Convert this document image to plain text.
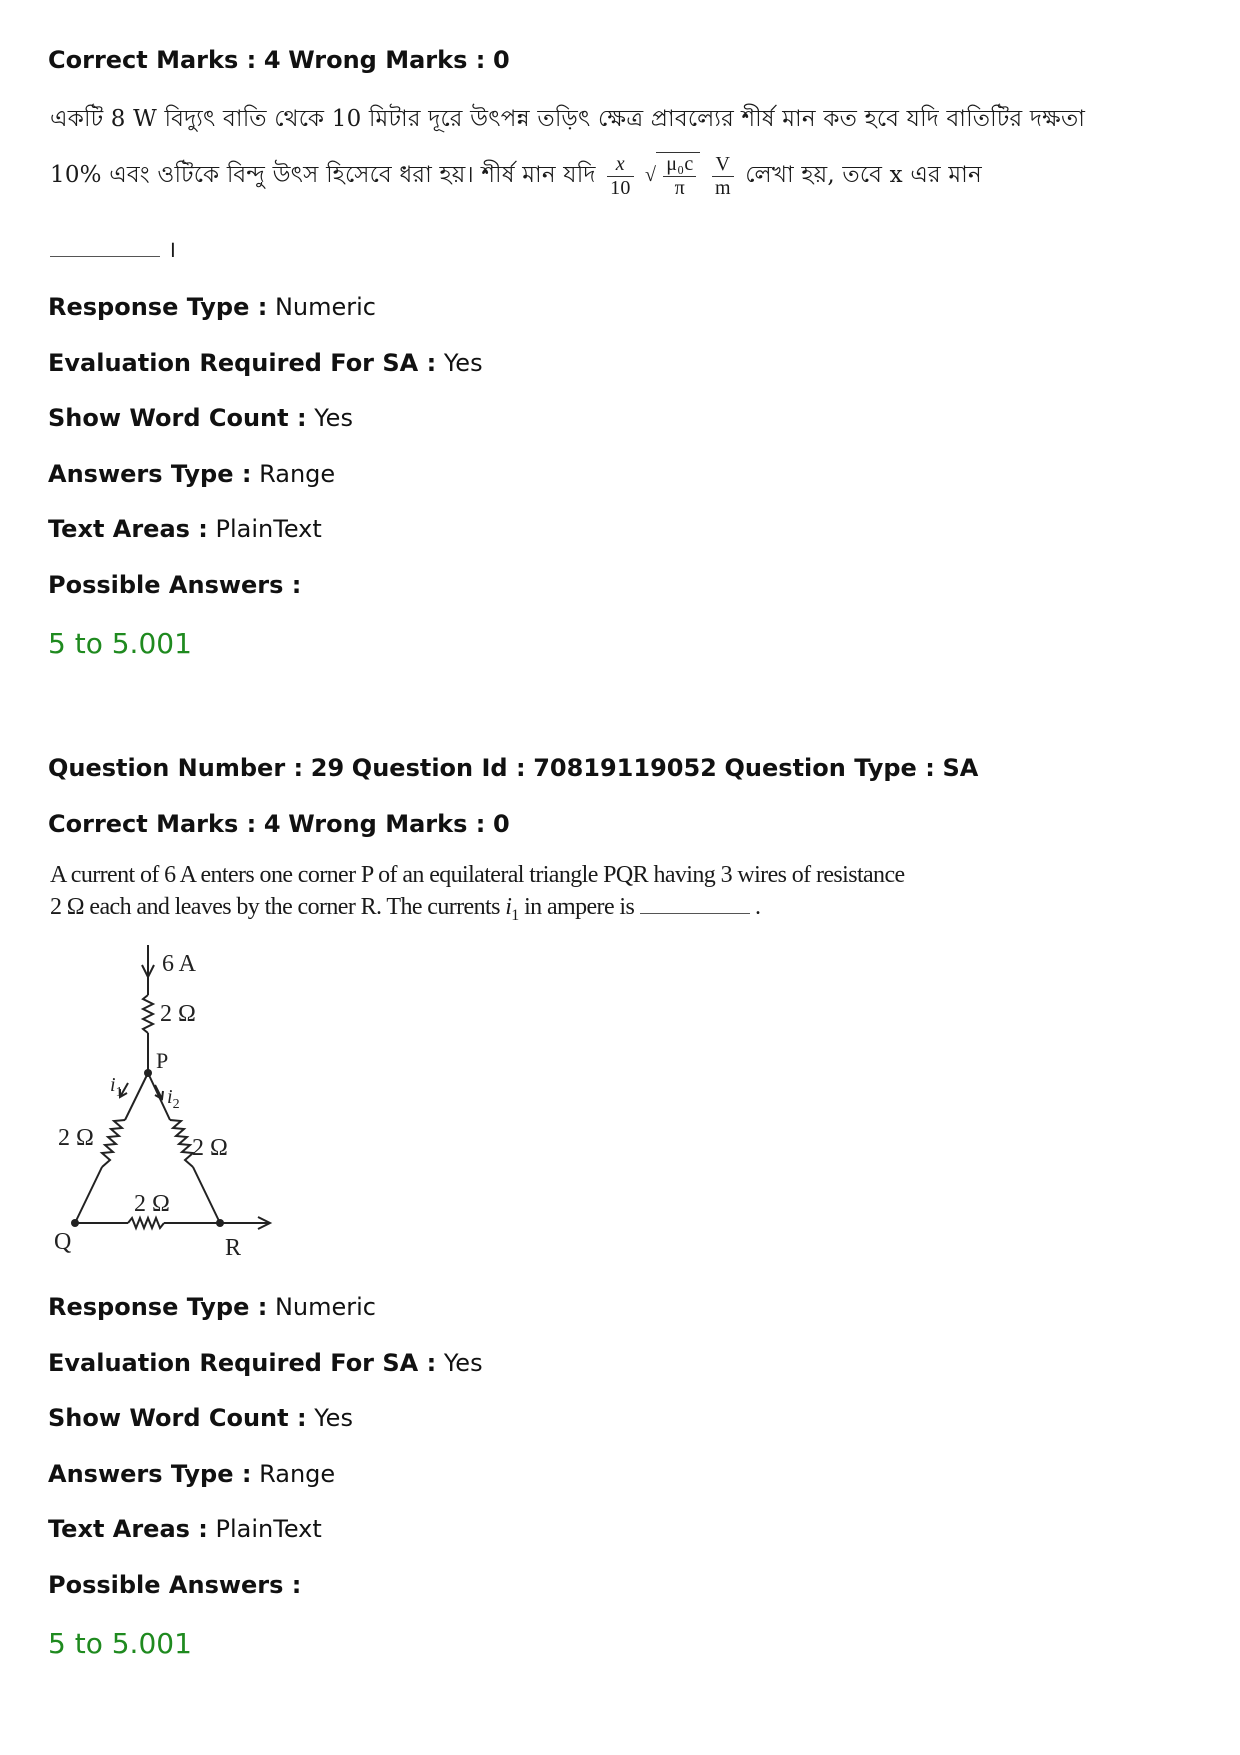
Correct Marks : 4 Wrong Marks : 0
একটি 8 W বিদ্যুৎ বাতি থেকে 10 মিটার দূরে উৎপন্ন তড়িৎ ক্ষেত্র প্রাবল্যের শীর্ষ মান কত হবে যদি বাতিটির দক্ষতা
10% এবং ওটিকে বিন্দু উৎস হিসেবে ধরা হয়। শীর্ষ মান যদি $\frac{x}{10}$ √ $\frac{\text{μ₀c}}{\pi}$
$\frac{V}{m}$ লেখা হয়, তবে x এর মান
।
Response Type : Numeric
Evaluation Required For SA : Yes
Show Word Count : Yes
Answers Type : Range
Text Areas : PlainText
Possible Answers :
5 to 5.001
Question Number : 29 Question Id : 70819119052 Question Type : SA
Correct Marks : 4 Wrong Marks : 0
A current of 6 A enters one corner P of an equilateral triangle PQR having 3 wires of resistance
2 Ω each and leaves by the corner R. The currents $i_1$ in ampere is	.
6 A
2 Ω
P
$i_1$ $i_2$
2 Ω	2 Ω
2 Ω
Q	R
Response Type : Numeric
Evaluation Required For SA : Yes
Show Word Count : Yes
Answers Type : Range
Text Areas : PlainText
Possible Answers :
5 to 5.001
